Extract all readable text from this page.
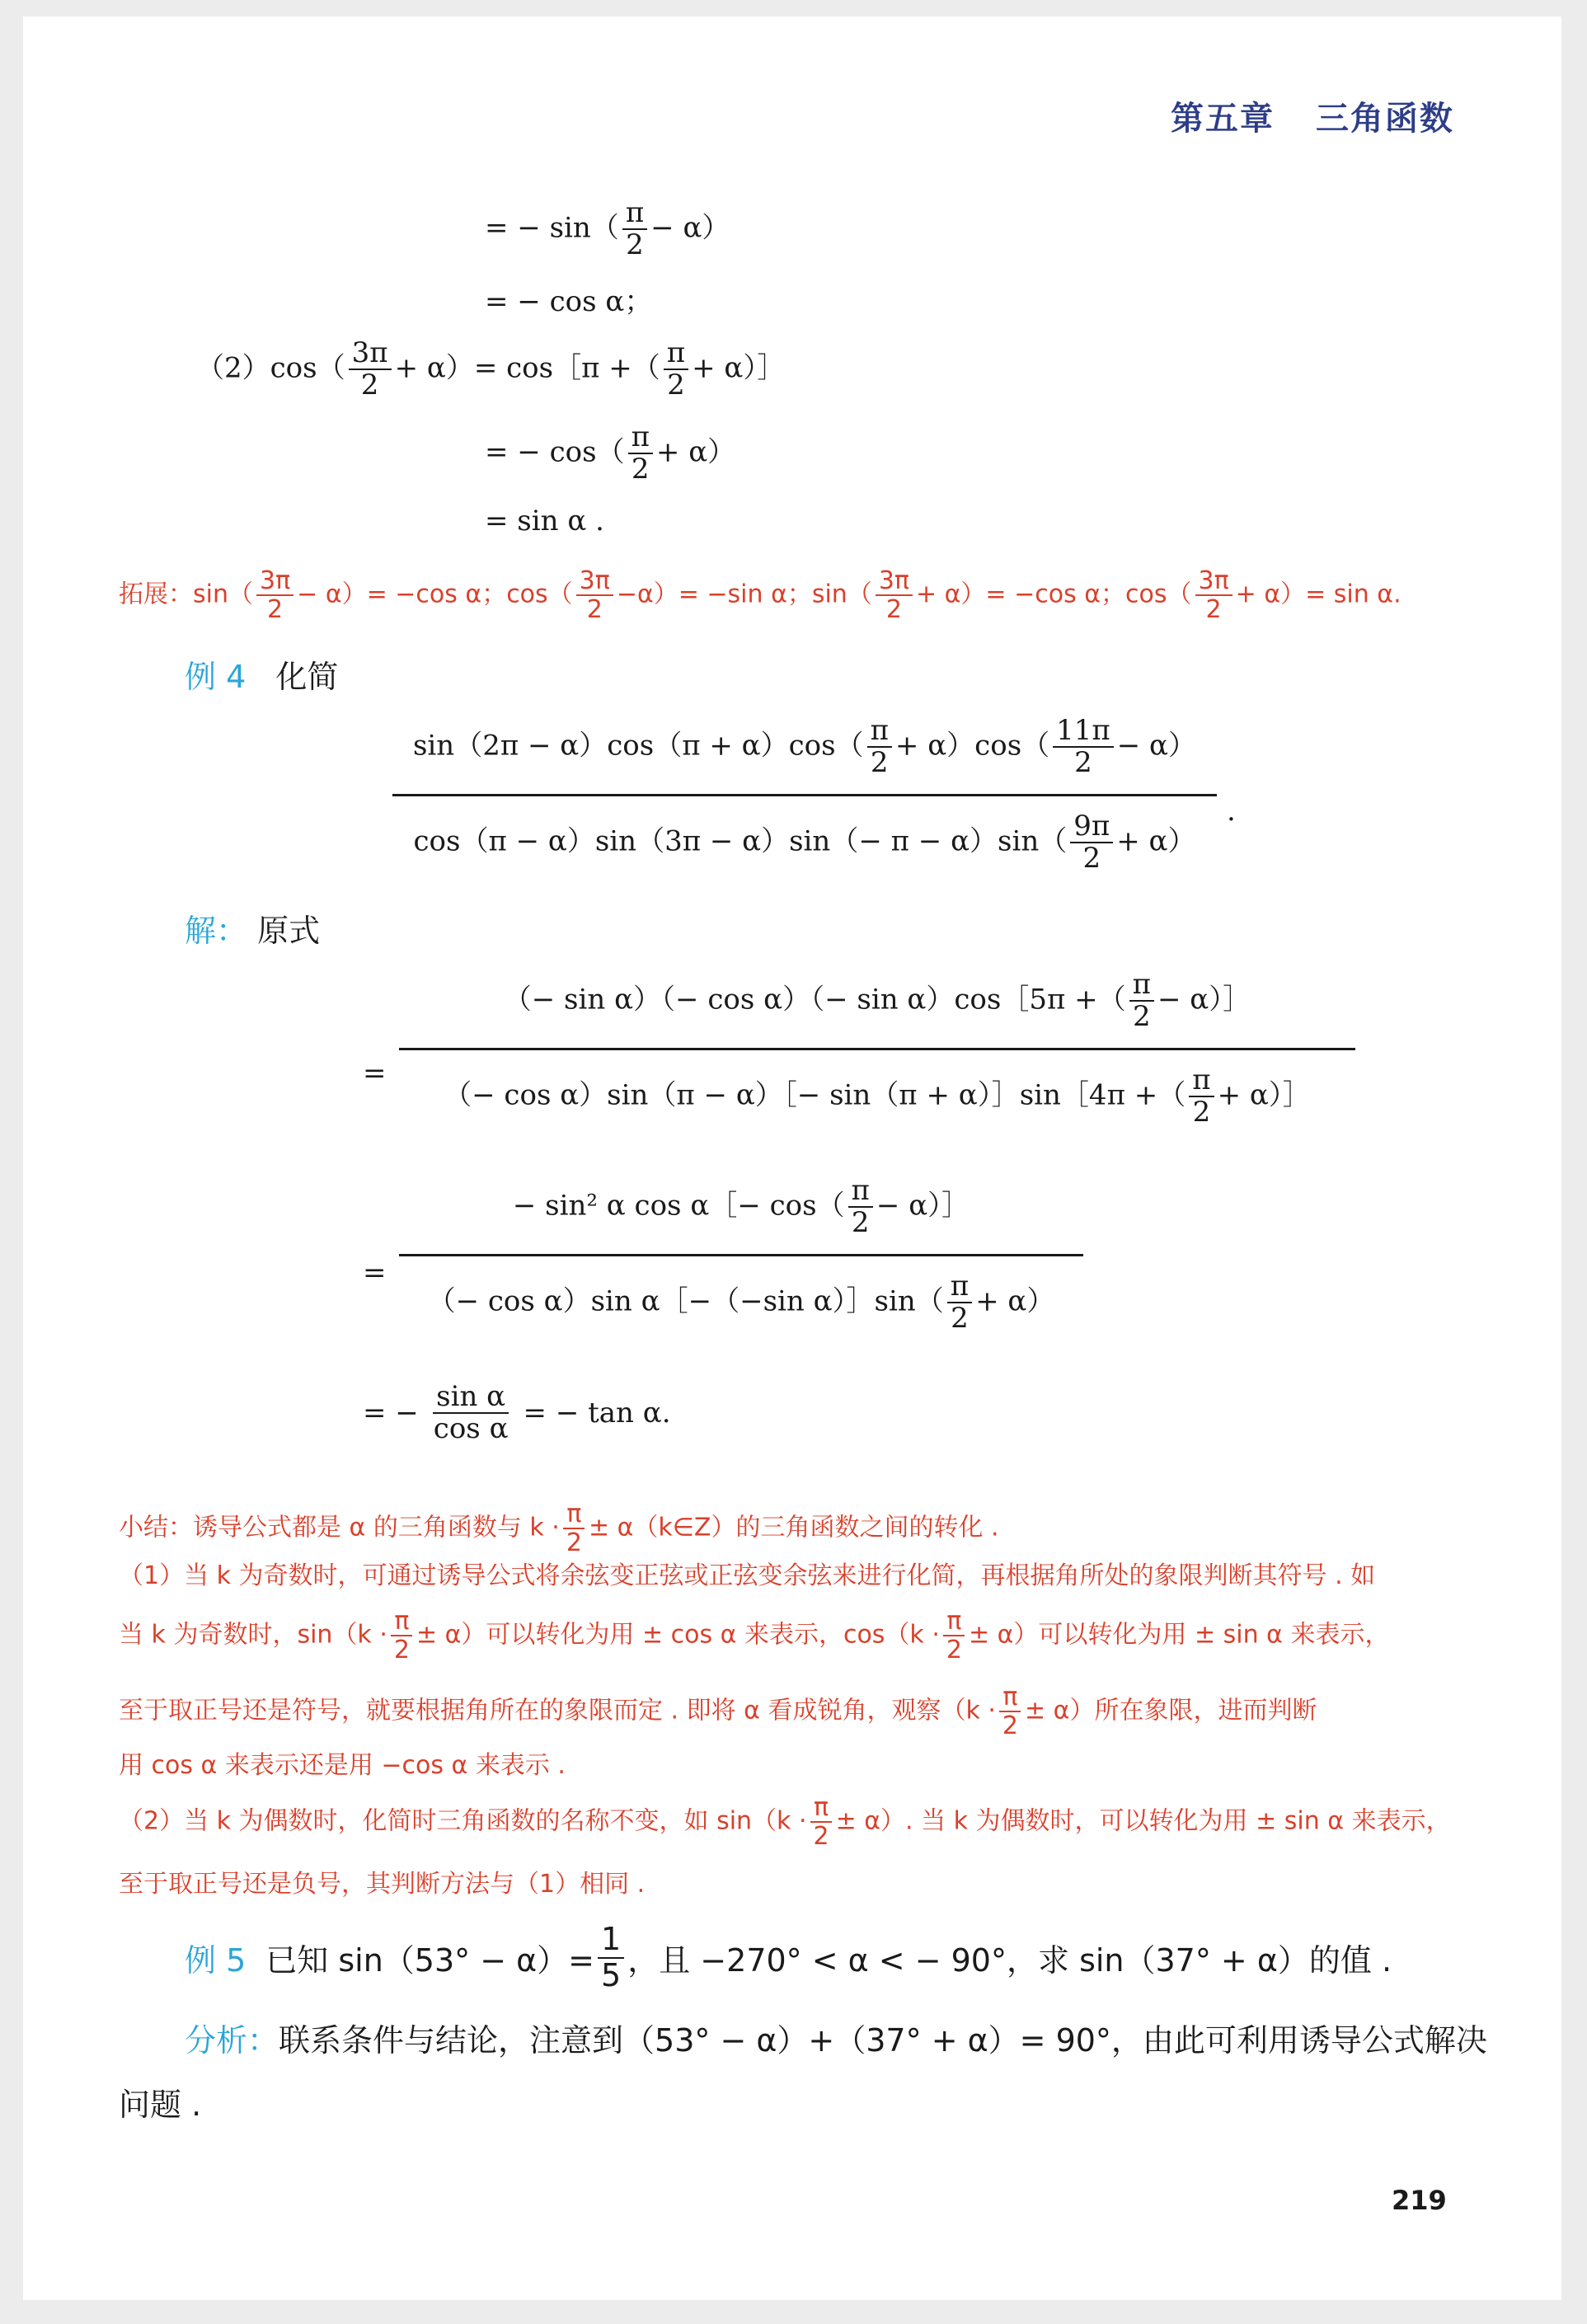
第五章 三角函数
= − $\sin( \frac{\pi}{2} - \alpha)$
= − cos α；
$(2)\cos( \frac{3\pi}{2} + \alpha)=$ cos［π +（ $\frac{\pi}{2}$ + α）］
= − $\cos( \frac{\pi}{2} + \alpha)$
= sin α .
拓展：$\sin( \frac{3\pi}{2} - \alpha)= -\cos$ α；$\cos( \frac{3\pi}{2} -\alpha)= -\sin$ α；$\sin( \frac{3\pi}{2} + \alpha)= -\cos$ α；$\cos( \frac{3\pi}{2} + \alpha)= \sin \alpha$.
例 4 化简
$\sin(2\pi - \alpha)\cos(\pi + \alpha)\cos( \frac{\pi}{2} + \alpha)\cos( \frac{11\pi}{2} - \alpha)$
$\cos(\pi - \alpha)\sin(3\pi - \alpha)\sin(- \pi - \alpha)\sin( \frac{9\pi}{2} + \alpha)$
.
解： 原式
=
（− sin α）（− cos α）（− sin α）cos［5π +（ $\frac{\pi}{2}$ − α）］
（− cos α）sin（π − α）［− sin（π + α）］sin［4π +（ $\frac{\pi}{2}$ + α）］
=
− sin² α cos α［− $\cos( \frac{\pi}{2}$ − α）］
（− cos α）sin α［−（−sin α）］sin（ $\frac{\pi}{2} + \alpha$）
= − $\frac{\text{sin α}}{\text{cos α}}$ = − tan α.
小结：诱导公式都是 α 的三角函数与 $k \cdot \frac{\pi}{2}$ ± α（k∈Z）的三角函数之间的转化 .
（1）当 k 为奇数时，可通过诱导公式将余弦变正弦或正弦变余弦来进行化简，再根据角所处的象限判断其符号 . 如
当 k 为奇数时，$\sin(k \cdot \frac{\pi}{2} \pm \alpha)$可以转化为用 ± cos α 来表示，$\cos(k \cdot \frac{\pi}{2} \pm \alpha)$可以转化为用 ± sin α 来表示，
至于取正号还是符号，就要根据角所在的象限而定 . 即将 α 看成锐角，观察$(k \cdot \frac{\pi}{2} \pm \alpha)$所在象限，进而判断
用 cos α 来表示还是用 −cos α 来表示 .
（2）当 k 为偶数时，化简时三角函数的名称不变，如 $\sin(k \cdot \frac{\pi}{2} \pm \alpha)$. 当 k 为偶数时，可以转化为用 ± sin α 来表示，
至于取正号还是负号，其判断方法与（1）相同 .
例 5 已知 $\sin(53^\circ - \alpha)= \frac{1}{5}$ ，且 −270° < α < − 90°，求 sin（37° + α）的值 .
分析：联系条件与结论，注意到（53° − α）+（37° + α）= 90°，由此可利用诱导公式解决
问题 .
219
